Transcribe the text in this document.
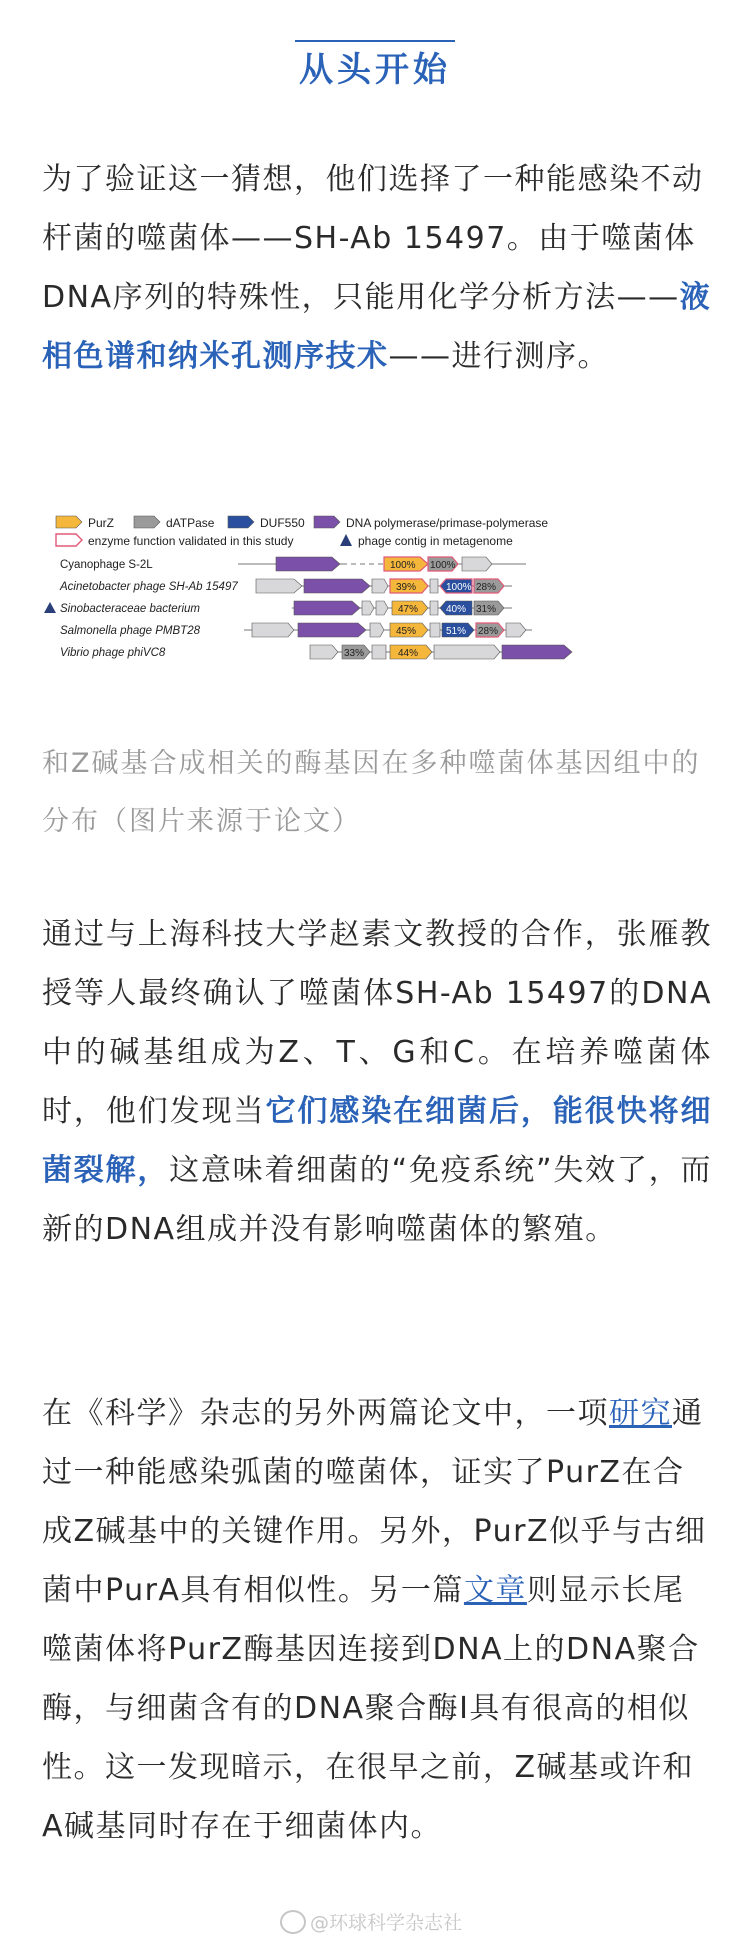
从头开始
为了验证这一猜想，他们选择了一种能感染不动杆菌的噬菌体——SH-Ab 15497。由于噬菌体DNA序列的特殊性，只能用化学分析方法——液相色谱和纳米孔测序技术——进行测序。
PurZ	dATPase	DUF550	DNA polymerase/primase-polymerase
enzyme function validated in this study	phage contig in metagenome
Cyanophage S-2L
Acinetobacter phage SH-Ab 15497
Sinobacteraceae bacterium
Salmonella phage PMBT28
Vibrio phage phiVC8
100% 100%
39%	100% 28%
47%	40% 31%
45%	51% 28%
33%	44%
和Z碱基合成相关的酶基因在多种噬菌体基因组中的分布（图片来源于论文）
通过与上海科技大学赵素文教授的合作，张雁教授等人最终确认了噬菌体SH-Ab 15497的DNA中的碱基组成为Z、T、G和C。在培养噬菌体时，他们发现当它们感染在细菌后，能很快将细菌裂解，这意味着细菌的“免疫系统”失效了，而新的DNA组成并没有影响噬菌体的繁殖。
在《科学》杂志的另外两篇论文中，一项研究通过一种能感染弧菌的噬菌体，证实了PurZ在合成Z碱基中的关键作用。另外，PurZ似乎与古细菌中PurA具有相似性。另一篇文章则显示长尾噬菌体将PurZ酶基因连接到DNA上的DNA聚合酶，与细菌含有的DNA聚合酶I具有很高的相似性。这一发现暗示，在很早之前，Z碱基或许和A碱基同时存在于细菌体内。
@环球科学杂志社
